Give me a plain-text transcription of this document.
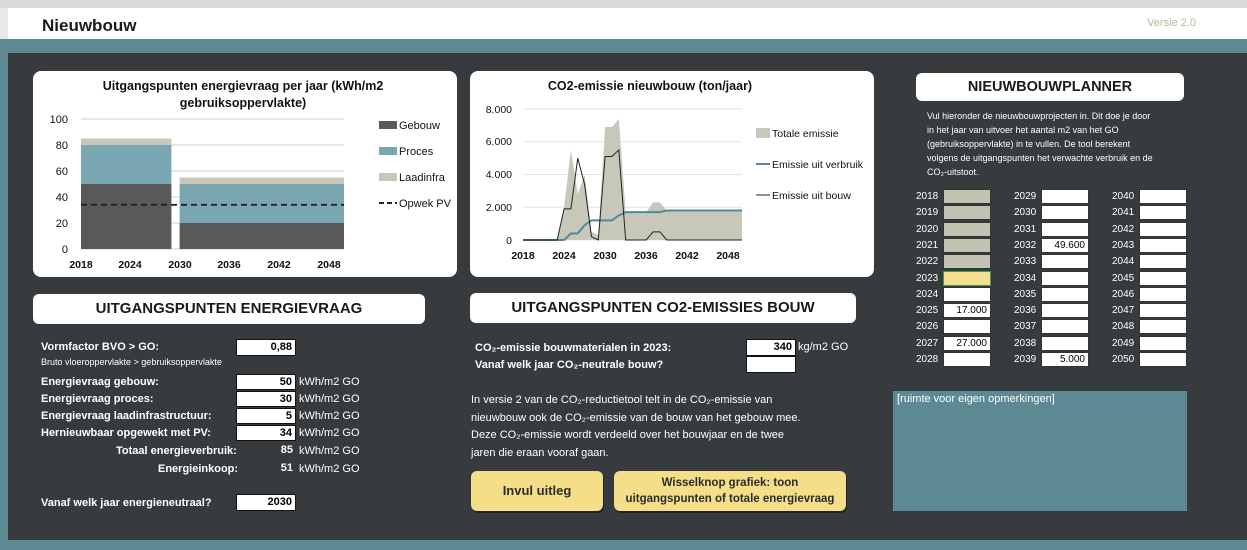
Nieuwbouw	Versie 2.0
Uitgangspunten energievraag per jaar (kWh/m2 gebruiksoppervlakte)
100
80
60
40
20
0
2018 2024	2030 2036	2042	2048
Gebouw
Proces
Laadinfra
Opwek PV
CO2-emissie nieuwbouw (ton/jaar)
8.000
6.000
4.000
2.000
0
2018 2024 2030 2036 2042 2048
Totale emissie
Emissie uit verbruik
Emissie uit bouw
NIEUWBOUWPLANNER
Vul hieronder de nieuwbouwprojecten in. Dit doe je door
in het jaar van uitvoer het aantal m2 van het GO
(gebruiksoppervlakte) in te vullen. De tool berekent
volgens de uitgangspunten het verwachte verbruik en de
CO₂-uitstoot.
2018
2019
2020
2021
2022
2023
2024
2025	17.000
2026
2027	27.000
2028
2029
2030
2031
2032	49.600
2033
2034
2035
2036
2037
2038
2039	5.000
2040
2041
2042
2043
2044
2045
2046
2047
2048
2049
2050
[ruimte voor eigen opmerkingen]
UITGANGSPUNTEN ENERGIEVRAAG
Vormfactor BVO > GO:	0,88
Bruto vloeroppervlakte > gebruiksoppervlakte
Energievraag gebouw:	50 kWh/m2 GO
Energievraag proces:	30 kWh/m2 GO
Energievraag laadinfrastructuur:	5 kWh/m2 GO
Hernieuwbaar opgewekt met PV:	34 kWh/m2 GO
Totaal energieverbruik:	85 kWh/m2 GO
Energieinkoop:	51 kWh/m2 GO
Vanaf welk jaar energieneutraal?	2030
UITGANGSPUNTEN CO2-EMISSIES BOUW
CO₂-emissie bouwmaterialen in 2023:	340 kg/m2 GO
Vanaf welk jaar CO₂-neutrale bouw?
In versie 2 van de CO₂-reductietool telt in de CO₂-emissie van
nieuwbouw ook de CO₂-emissie van de bouw van het gebouw mee.
Deze CO₂-emissie wordt verdeeld over het bouwjaar en de twee
jaren die eraan vooraf gaan.
Invul uitleg	Wisselknop grafiek: toon
uitgangspunten of totale energievraag
